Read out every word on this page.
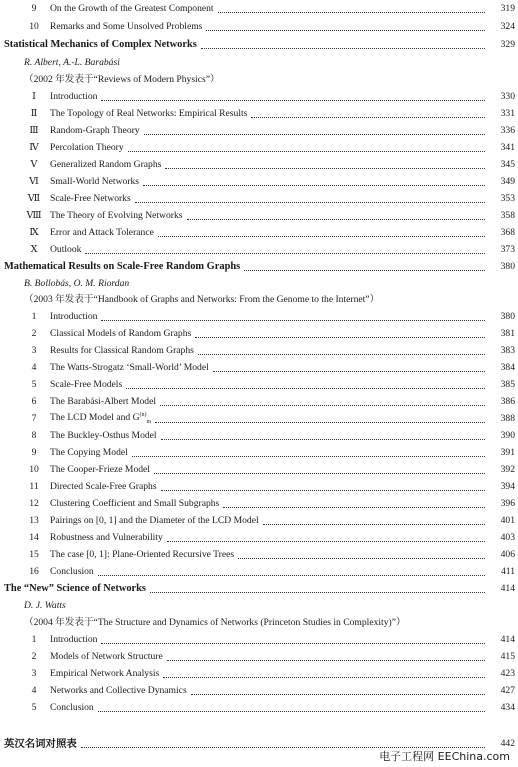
9	On the Growth of the Greatest Component	319
10	Remarks and Some Unsolved Problems	324
Statistical Mechanics of Complex Networks	329
R. Albert, A.-L. Barabási
（2002 年发表于“Reviews of Modern Physics”）
Ⅰ	Introduction	330
Ⅱ	The Topology of Real Networks: Empirical Results	331
Ⅲ	Random-Graph Theory	336
Ⅳ	Percolation Theory	341
Ⅴ	Generalized Random Graphs	345
Ⅵ	Small-World Networks	349
Ⅶ	Scale-Free Networks	353
Ⅷ The Theory of Evolving Networks	358
Ⅸ	Error and Attack Tolerance	368
Ⅹ	Outlook	373
Mathematical Results on Scale-Free Random Graphs	380
B. Bollobás, O. M. Riordan
（2003 年发表于“Handbook of Graphs and Networks: From the Genome to the Internet”）
1	Introduction	380
2	Classical Models of Random Graphs	381
3	Results for Classical Random Graphs	383
4	The Watts-Strogatz ‘Small-World’ Model	384
5	Scale-Free Models	385
6	The Barabási-Albert Model	386
7	The LCD Model and $G^{(n)}_m$	388
8	The Buckley-Osthus Model	390
9	The Copying Model	391
10	The Cooper-Frieze Model	392
11	Directed Scale-Free Graphs	394
12	Clustering Coefficient and Small Subgraphs	396
13	Pairings on [0, 1] and the Diameter of the LCD Model	401
14	Robustness and Vulnerability	403
15	The case [0, 1]: Plane-Oriented Recursive Trees	406
16	Conclusion	411
The “New” Science of Networks	414
D. J. Watts
（2004 年发表于“The Structure and Dynamics of Networks (Princeton Studies in Complexity)”）
1	Introduction	414
2	Models of Network Structure	415
3	Empirical Network Analysis	423
4	Networks and Collective Dynamics	427
5	Conclusion	434
英汉名词对照表	442
电子工程网 EEChina.com
